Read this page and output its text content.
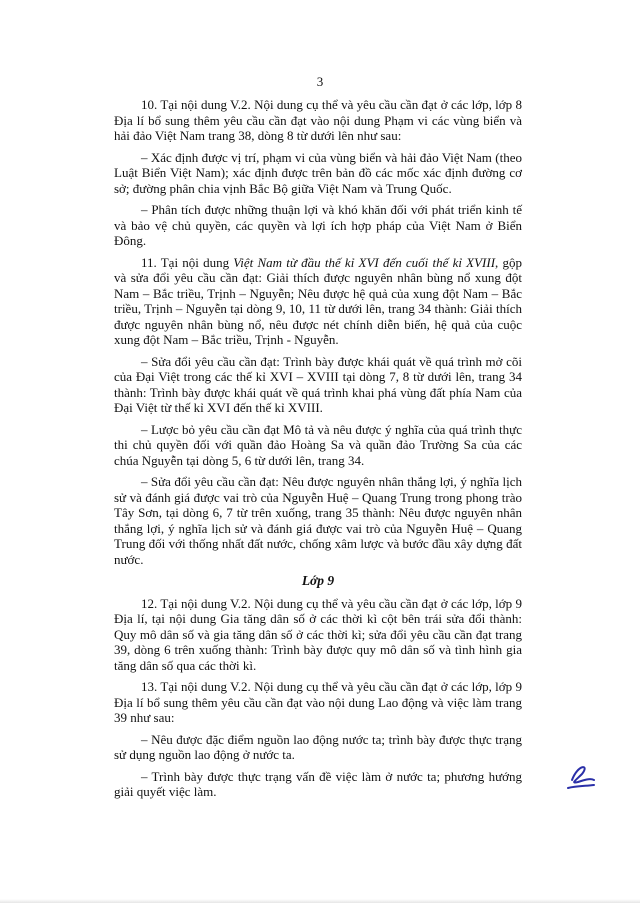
3

10. Tại nội dung V.2. Nội dung cụ thể và yêu cầu cần đạt ở các lớp, lớp 8 Địa lí bổ sung thêm yêu cầu cần đạt vào nội dung Phạm vi các vùng biển và hải đảo Việt Nam trang 38, dòng 8 từ dưới lên như sau:

– Xác định được vị trí, phạm vi của vùng biển và hải đảo Việt Nam (theo Luật Biển Việt Nam); xác định được trên bản đồ các mốc xác định đường cơ sở; đường phân chia vịnh Bắc Bộ giữa Việt Nam và Trung Quốc.

– Phân tích được những thuận lợi và khó khăn đối với phát triển kinh tế và bảo vệ chủ quyền, các quyền và lợi ích hợp pháp của Việt Nam ở Biển Đông.

11. Tại nội dung Việt Nam từ đầu thế kỉ XVI đến cuối thế kỉ XVIII, gộp và sửa đổi yêu cầu cần đạt: Giải thích được nguyên nhân bùng nổ xung đột Nam – Bắc triều, Trịnh – Nguyễn; Nêu được hệ quả của xung đột Nam – Bắc triều, Trịnh – Nguyễn tại dòng 9, 10, 11 từ dưới lên, trang 34 thành: Giải thích được nguyên nhân bùng nổ, nêu được nét chính diễn biến, hệ quả của cuộc xung đột Nam – Bắc triều, Trịnh - Nguyễn.

– Sửa đổi yêu cầu cần đạt: Trình bày được khái quát về quá trình mở cõi của Đại Việt trong các thế kỉ XVI – XVIII tại dòng 7, 8 từ dưới lên, trang 34 thành: Trình bày được khái quát về quá trình khai phá vùng đất phía Nam của Đại Việt từ thế kỉ XVI đến thế kỉ XVIII.

– Lược bỏ yêu cầu cần đạt Mô tả và nêu được ý nghĩa của quá trình thực thi chủ quyền đối với quần đảo Hoàng Sa và quần đảo Trường Sa của các chúa Nguyễn tại dòng 5, 6 từ dưới lên, trang 34.

– Sửa đổi yêu cầu cần đạt: Nêu được nguyên nhân thắng lợi, ý nghĩa lịch sử và đánh giá được vai trò của Nguyễn Huệ – Quang Trung trong phong trào Tây Sơn, tại dòng 6, 7 từ trên xuống, trang 35 thành: Nêu được nguyên nhân thắng lợi, ý nghĩa lịch sử và đánh giá được vai trò của Nguyễn Huệ – Quang Trung đối với thống nhất đất nước, chống xâm lược và bước đầu xây dựng đất nước.

Lớp 9

12. Tại nội dung V.2. Nội dung cụ thể và yêu cầu cần đạt ở các lớp, lớp 9 Địa lí, tại nội dung Gia tăng dân số ở các thời kì cột bên trái sửa đổi thành: Quy mô dân số và gia tăng dân số ở các thời kì; sửa đổi yêu cầu cần đạt trang 39, dòng 6 trên xuống thành: Trình bày được quy mô dân số và tình hình gia tăng dân số qua các thời kì.

13. Tại nội dung V.2. Nội dung cụ thể và yêu cầu cần đạt ở các lớp, lớp 9 Địa lí bổ sung thêm yêu cầu cần đạt vào nội dung Lao động và việc làm trang 39 như sau:

– Nêu được đặc điểm nguồn lao động nước ta; trình bày được thực trạng sử dụng nguồn lao động ở nước ta.

– Trình bày được thực trạng vấn đề việc làm ở nước ta; phương hướng giải quyết việc làm.
